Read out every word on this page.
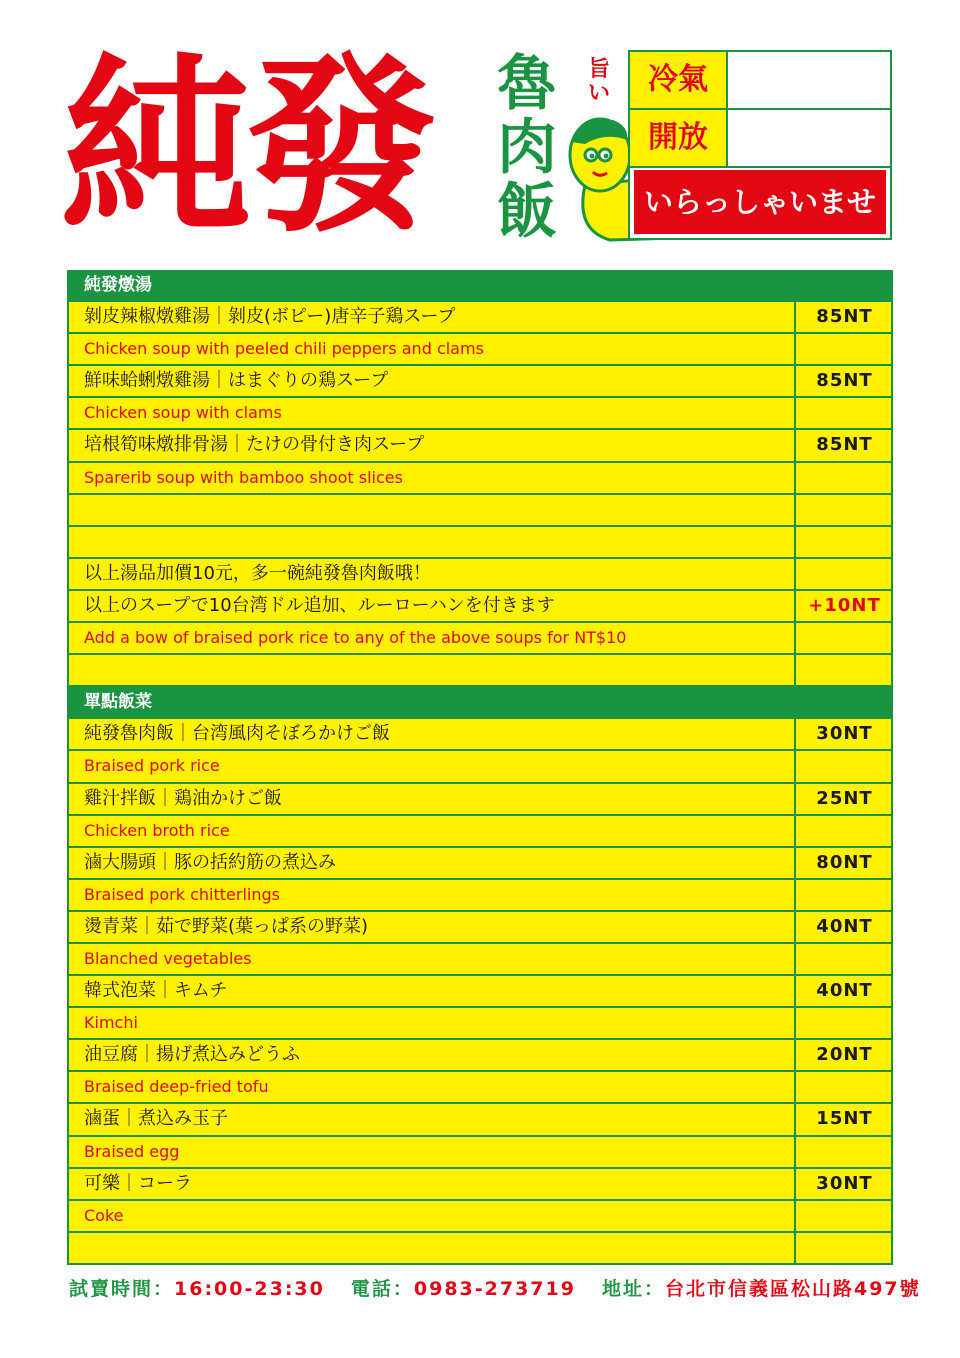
純發 魯肉飯
旨い	冷氣
開放
いらっしゃいませ
純發燉湯
剝皮辣椒燉雞湯｜剝皮(ボピー)唐辛子鶏スープ	85NT
Chicken soup with peeled chili peppers and clams
鮮味蛤蜊燉雞湯｜はまぐりの鶏スープ	85NT
Chicken soup with clams
培根筍味燉排骨湯｜たけの骨付き肉スープ	85NT
Sparerib soup with bamboo shoot slices
以上湯品加價10元，多一碗純發魯肉飯哦！
以上のスープで10台湾ドル追加、ルーローハンを付きます	+10NT
Add a bow of braised pork rice to any of the above soups for NT$10
單點飯菜
純發魯肉飯｜台湾風肉そぼろかけご飯	30NT
Braised pork rice
雞汁拌飯｜鶏油かけご飯	25NT
Chicken broth rice
滷大腸頭｜豚の括約筋の煮込み	80NT
Braised pork chitterlings
燙青菜｜茹で野菜(葉っぱ系の野菜)	40NT
Blanched vegetables
韓式泡菜｜キムチ	40NT
Kimchi
油豆腐｜揚げ煮込みどうふ	20NT
Braised deep-fried tofu
滷蛋｜煮込み玉子	15NT
Braised egg
可樂｜コーラ	30NT
Coke
試賣時間：16:00-23:30 電話：0983-273719 地址：台北市信義區松山路497號
